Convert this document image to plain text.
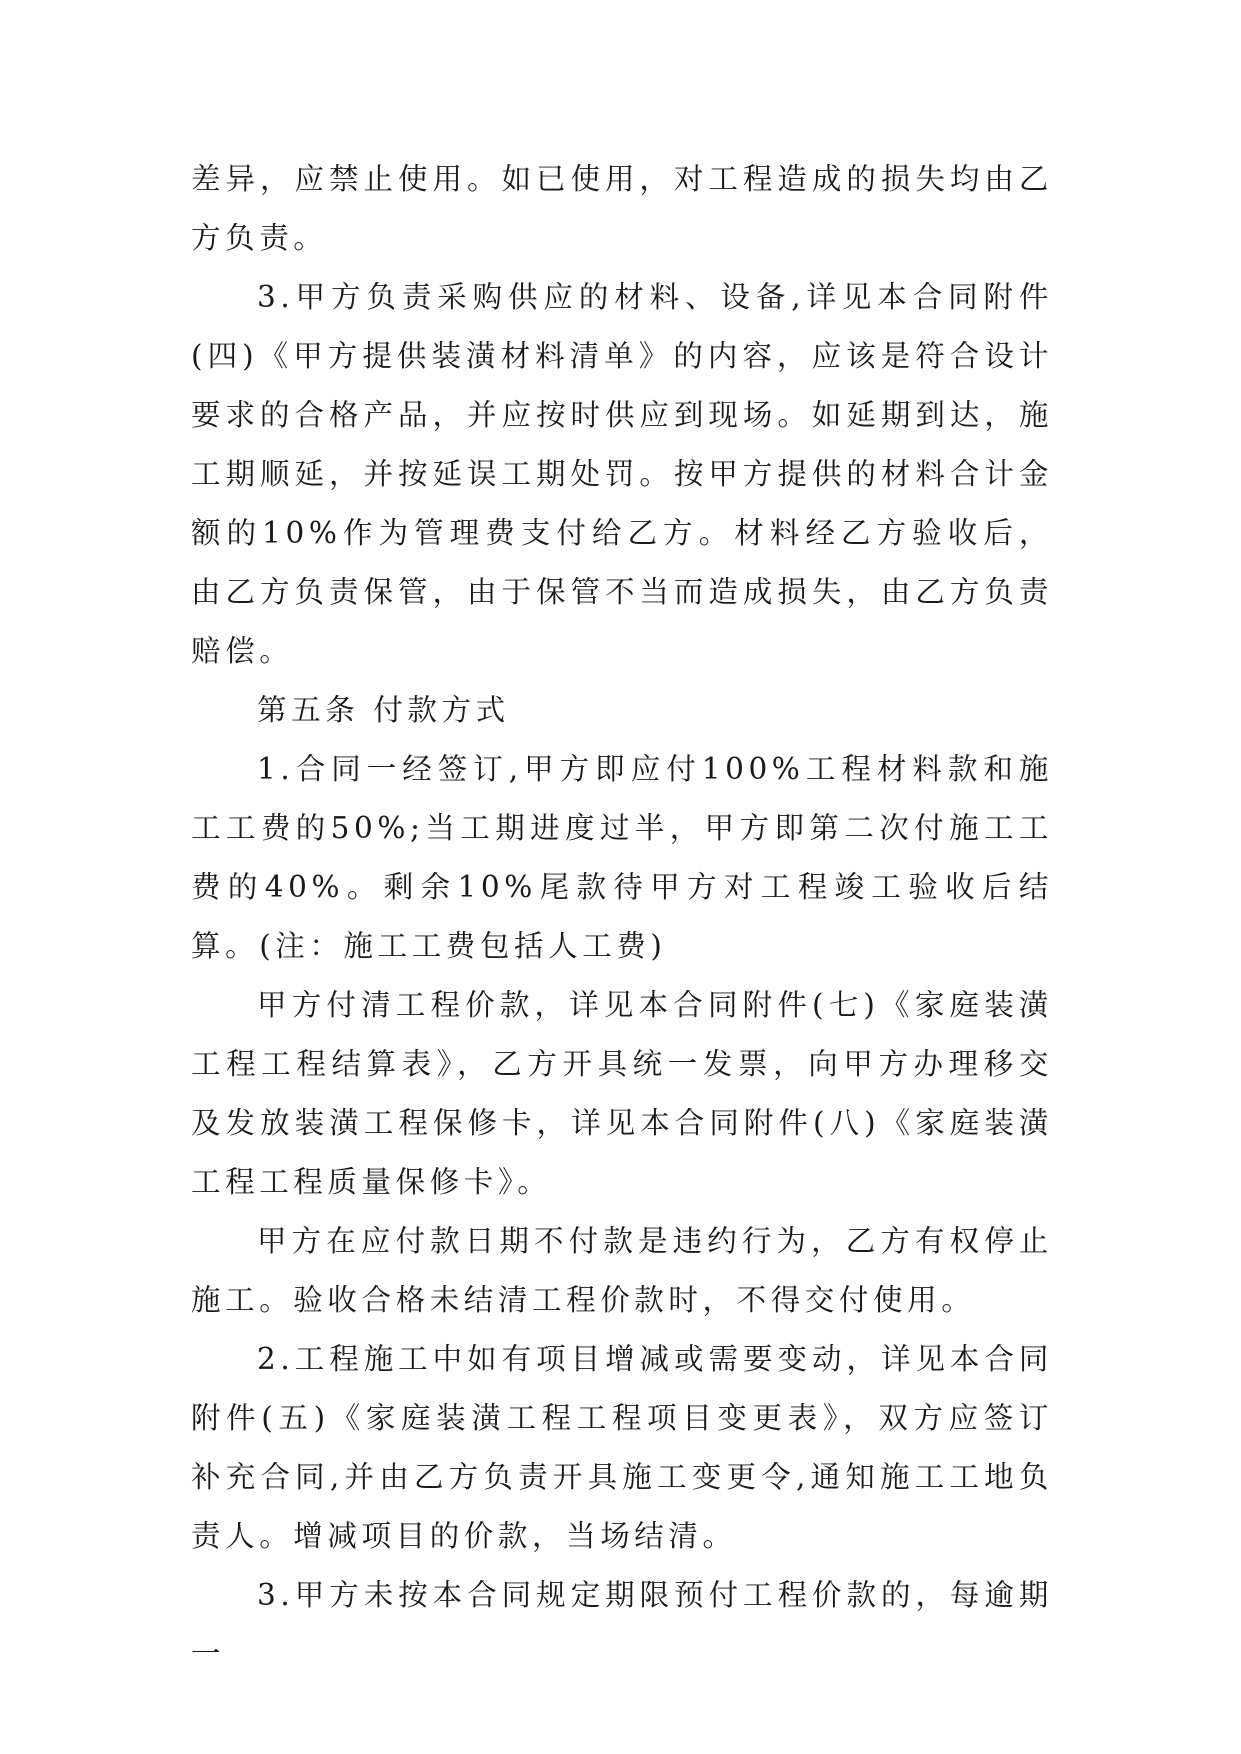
差异，应禁止使用。如已使用，对工程造成的损失均由乙方负责。

3.甲方负责采购供应的材料、设备,详见本合同附件(四)《甲方提供装潢材料清单》的内容，应该是符合设计要求的合格产品，并应按时供应到现场。如延期到达，施工期顺延，并按延误工期处罚。按甲方提供的材料合计金额的10%作为管理费支付给乙方。材料经乙方验收后，由乙方负责保管，由于保管不当而造成损失，由乙方负责赔偿。

第五条 付款方式

1.合同一经签订,甲方即应付100%工程材料款和施工工费的50%;当工期进度过半，甲方即第二次付施工工费的40%。剩余10%尾款待甲方对工程竣工验收后结算。(注：施工工费包括人工费)

甲方付清工程价款，详见本合同附件(七)《家庭装潢工程工程结算表》，乙方开具统一发票，向甲方办理移交及发放装潢工程保修卡，详见本合同附件(八)《家庭装潢工程工程质量保修卡》。

甲方在应付款日期不付款是违约行为，乙方有权停止施工。验收合格未结清工程价款时，不得交付使用。

2.工程施工中如有项目增减或需要变动，详见本合同附件(五)《家庭装潢工程工程项目变更表》，双方应签订补充合同,并由乙方负责开具施工变更令,通知施工工地负责人。增减项目的价款，当场结清。

3.甲方未按本合同规定期限预付工程价款的，每逾期一
